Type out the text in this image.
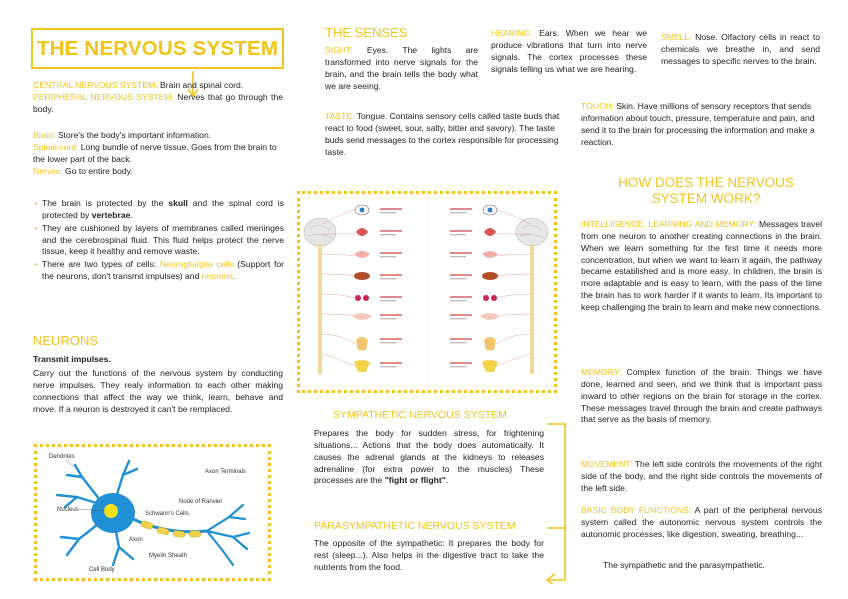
THE NERVOUS SYSTEM
CENTRAL NERVOUS SYSTEM: Brain and spinal cord.
PERIPHERAL NERVOUS SYSTEM: Nerves that go through the body.
Brain: Store's the body's important information.
Spinal cord: Long bundle of nerve tissue. Goes from the brain to the lower part of the back.
Nerves: Go to entire body.
• The brain is protected by the skull and the spinal cord is protected by vertebrae.
• They are cushioned by layers of membranes called meninges and the cerebrospinal fluid. This fluid helps protect the nerve tissue, keep it healthy and remove waste.
• There are two types of cells: Neuroglia/glia cells (Support for the neurons, don't transmit impulses) and neurons.
NEURONS
Transmit impulses.
Carry out the functions of the nervous system by conducting nerve impulses. They realy information to each other making connections that affect the way we think, learn, behave and move. If a neuron is destroyed it can't be remplaced.
Dendrites
Nucleus
Axon
Schwann's Cells
Node of Ranvier
Axon Terminals
Myelin Sheath
Cell Body
THE SENSES
SIGHT: Eyes. The lights are transformed into nerve signals for the brain, and the brain tells the body what we are seeing.
HEARING: Ears. When we hear we produce vibrations that turn into nerve signals. The cortex processes these signals telling us what we are hearing.
SMELL: Nose. Olfactory cells in react to chemicals we breathe in, and send messages to specific nerves to the brain.
TASTE: Tongue. Contains sensory cells called taste buds that react to food (sweet, sour, salty, bitter and savory). The taste buds send messages to the cortex responsible for processing taste.
TOUCH: Skin. Have millions of sensory receptors that sends information about touch, pressure, temperature and pain, and send it to the brain for processing the information and make a reaction.
SYMPATHETIC NERVOUS SYSTEM
Prepares the body for sudden stress, for frightening situations... Actions that the body does automatically. It causes the adrenal glands at the kidneys to releases adrenaline (for extra power to the muscles) These processes are the "fight or flight".
PARASYMPATHETIC NERVOUS SYSTEM
The opposite of the sympathetic: It prepares the body for rest (sleep...). Also helps in the digestive tract to take the nutrients from the food.
HOW DOES THE NERVOUS SYSTEM WORK?
INTELLIGENCE, LEARNING AND MEMORY: Messages travel from one neuron to another creating connections in the brain. When we learn something for the first time it needs more concentration, but when we want to learn it again, the pathway became established and is more easy. In children, the brain is more adaptable and is easy to learn, with the pass of the time the brain has to work harder if it wants to learn. Its important to keep challenging the brain to learn and make new connections.
MEMORY: Complex function of the brain. Things we have done, learned and seen, and we think that is important pass inward to other regions on the brain for storage in the cortex. These messages travel through the brain and create pathways that serve as the basis of memory.
MOVEMENT: The left side controls the movements of the right side of the body, and the right side controls the movements of the left side.
BASIC BODY FUNCTIONS: A part of the peripheral nervous system called the autonomic nervous system controls the autonomic processes, like digestion, sweating, breathing...
The sympathetic and the parasympathetic.
